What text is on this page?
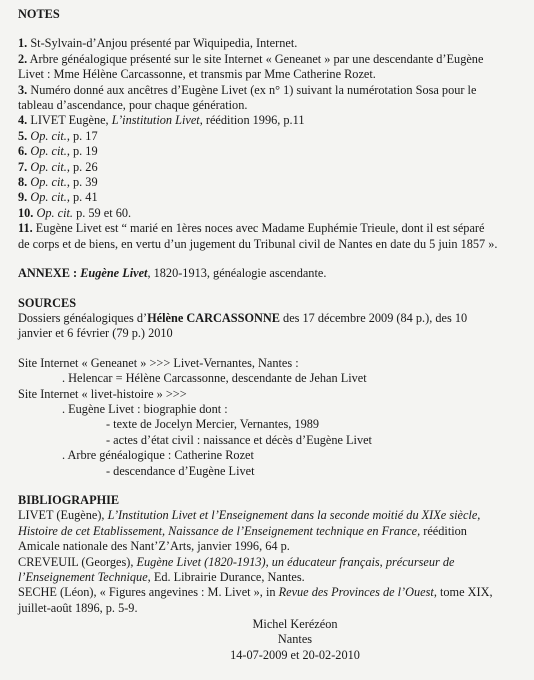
NOTES
1. St-Sylvain-d’Anjou présenté par Wiquipedia, Internet.
2. Arbre généalogique présenté sur le site Internet « Geneanet » par une descendante d’Eugène
Livet : Mme Hélène Carcassonne, et transmis par Mme Catherine Rozet.
3. Numéro donné aux ancêtres d’Eugène Livet (ex n° 1) suivant la numérotation Sosa pour le
tableau d’ascendance, pour chaque génération.
4. LIVET Eugène, L’institution Livet, réédition 1996, p.11
5. Op. cit., p. 17
6. Op. cit., p. 19
7. Op. cit., p. 26
8. Op. cit., p. 39
9. Op. cit., p. 41
10. Op. cit. p. 59 et 60.
11. Eugène Livet est “ marié en 1ères noces avec Madame Euphémie Trieule, dont il est séparé
de corps et de biens, en vertu d’un jugement du Tribunal civil de Nantes en date du 5 juin 1857 ».
ANNEXE : Eugène Livet, 1820-1913, généalogie ascendante.
SOURCES
Dossiers généalogiques d’Hélène CARCASSONNE des 17 décembre 2009 (84 p.), des 10
janvier et 6 février (79 p.) 2010
Site Internet « Geneanet » >>> Livet-Vernantes, Nantes :
. Helencar = Hélène Carcassonne, descendante de Jehan Livet
Site Internet « livet-histoire » >>>
. Eugène Livet : biographie dont :
- texte de Jocelyn Mercier, Vernantes, 1989
- actes d’état civil : naissance et décès d’Eugène Livet
. Arbre généalogique : Catherine Rozet
- descendance d’Eugène Livet
BIBLIOGRAPHIE
LIVET (Eugène), L’Institution Livet et l’Enseignement dans la seconde moitié du XIXe siècle,
Histoire de cet Etablissement, Naissance de l’Enseignement technique en France, réédition
Amicale nationale des Nant’Z’Arts, janvier 1996, 64 p.
CREVEUIL (Georges), Eugène Livet (1820-1913), un éducateur français, précurseur de
l’Enseignement Technique, Ed. Librairie Durance, Nantes.
SECHE (Léon), « Figures angevines : M. Livet », in Revue des Provinces de l’Ouest, tome XIX,
juillet-août 1896, p. 5-9.
Michel Kerézéon
Nantes
14-07-2009 et 20-02-2010
